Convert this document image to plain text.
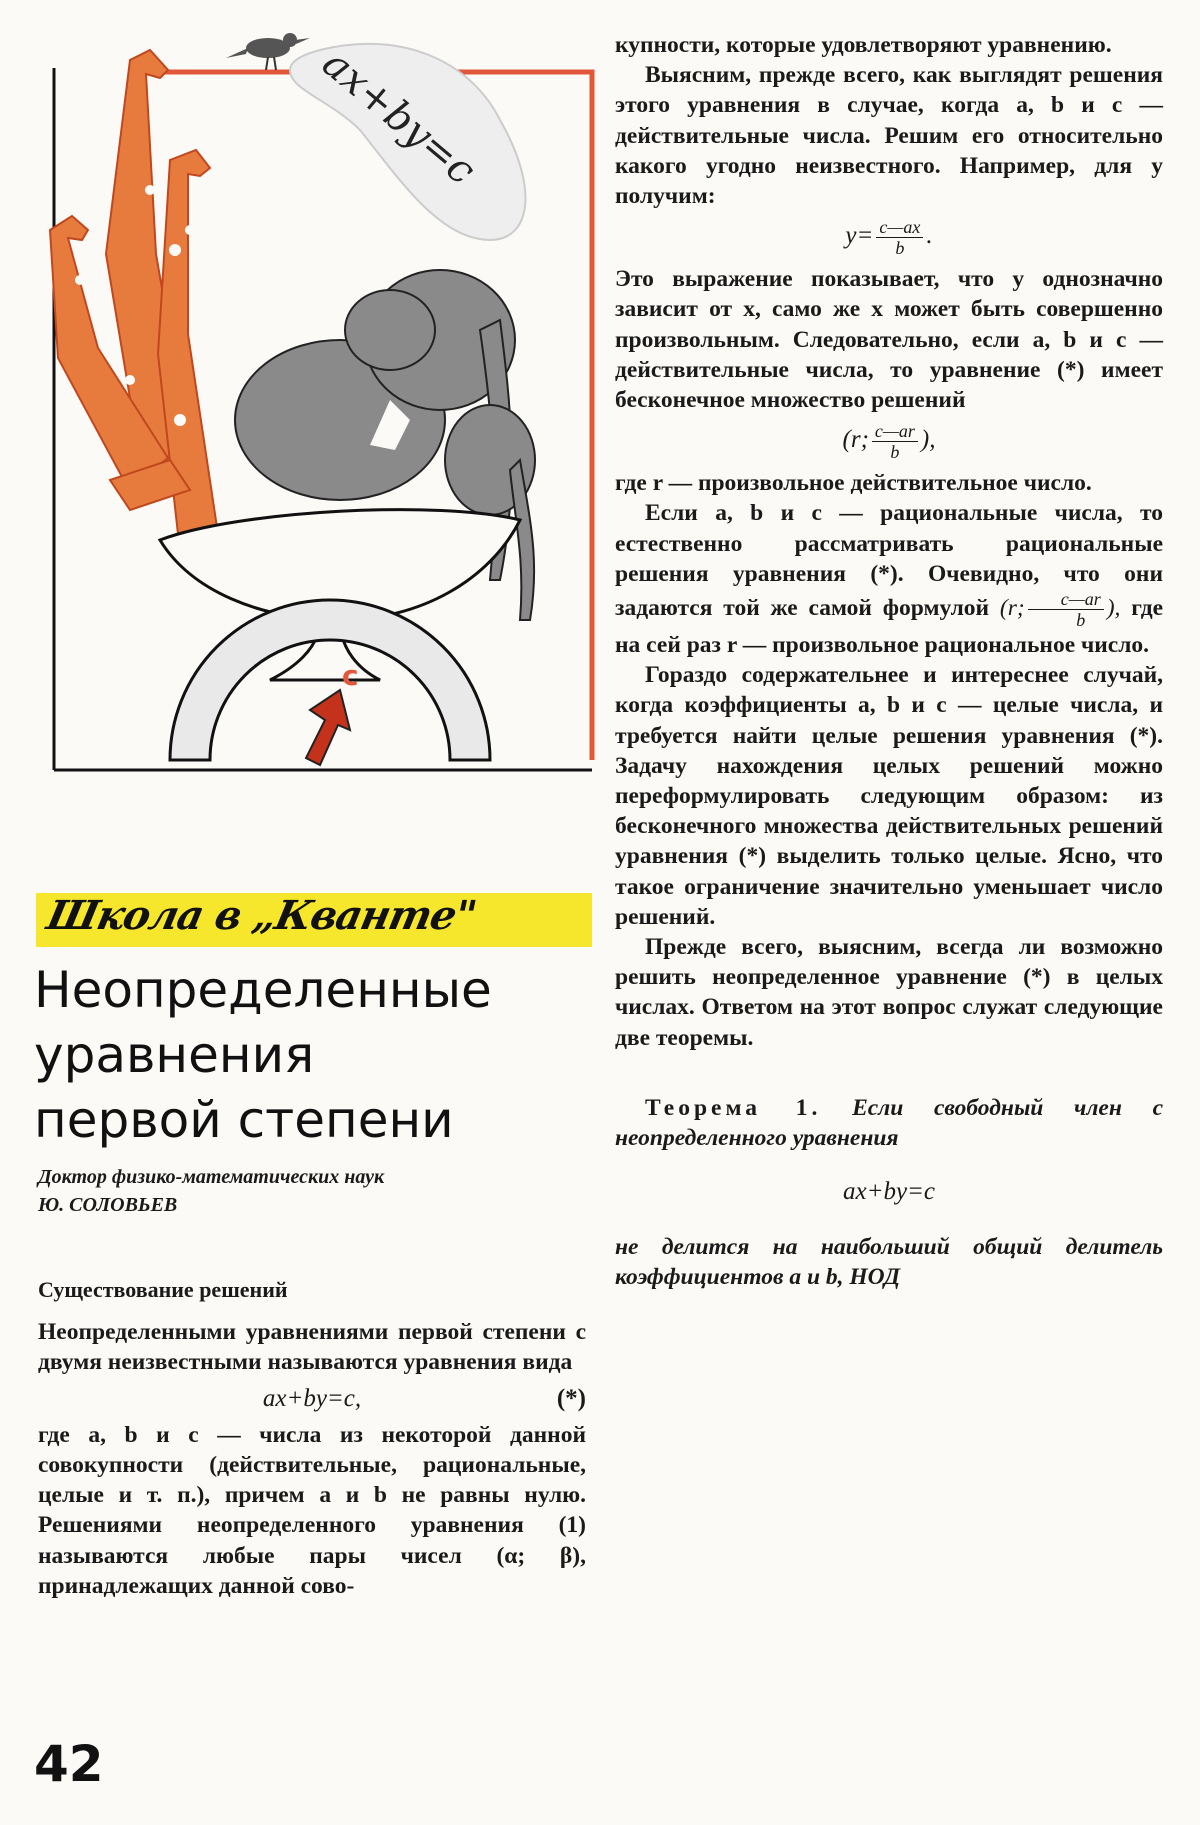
ax+by=c
c
Школа в „Кванте"
Неопределенные
уравнения
первой степени
Доктор физико-математических наук
Ю. СОЛОВЬЕВ

Существование решений

Неопределенными уравнениями первой степени с двумя неизвестными называются уравнения вида

ax+by=c,	(*)

где a, b и c — числа из некоторой данной совокупности (действительные, рациональные, целые и т. п.), причем a и b не равны нулю. Решениями неопределенного уравнения (1) называются любые пары чисел (α; β), принадлежащих данной сово-

купности, которые удовлетворяют уравнению.

Выясним, прежде всего, как выглядят решения этого уравнения в случае, когда a, b и c — действительные числа. Решим его относительно какого угодно неизвестного. Например, для y получим:

$y= \frac{c—ax}{b}$ .

Это выражение показывает, что y однозначно зависит от x, само же x может быть совершенно произвольным. Следовательно, если a, b и c — действительные числа, то уравнение (*) имеет бесконечное множество решений

(r; $\frac{c—ar}{b}$ ),

где r — произвольное действительное число.

Если a, b и c — рациональные числа, то естественно рассматривать рациональные решения уравнения (*). Очевидно, что они задаются той же самой формулой (r; $\frac{c—ar}{b}$ ), где на сей раз r — произвольное рациональное число.

Гораздо содержательнее и интереснее случай, когда коэффициенты a, b и c — целые числа, и требуется найти целые решения уравнения (*). Задачу нахождения целых решений можно переформулировать следующим образом: из бесконечного множества действительных решений уравнения (*) выделить только целые. Ясно, что такое ограничение значительно уменьшает число решений.

Прежде всего, выясним, всегда ли возможно решить неопределенное уравнение (*) в целых числах. Ответом на этот вопрос служат следующие две теоремы.

Теорема 1. Если свободный член с неопределенного уравнения

ax+by=c

не делится на наибольший общий делитель коэффициентов a и b, НОД

42
